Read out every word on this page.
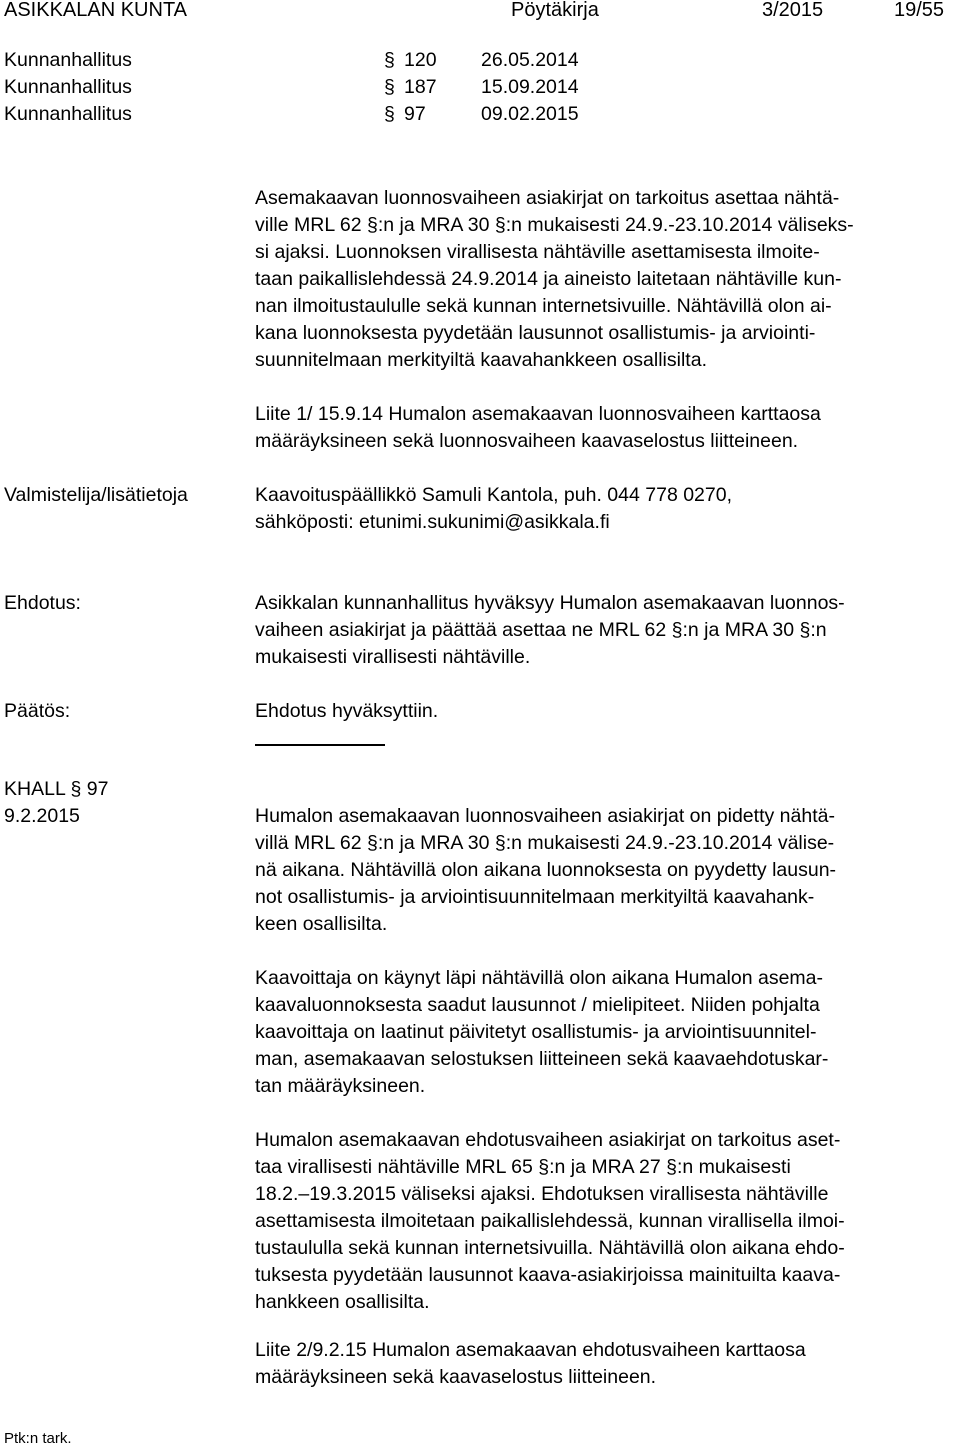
ASIKKALAN KUNTA	Pöytäkirja	3/2015	19/55
Kunnanhallitus	§ 120 26.05.2014
Kunnanhallitus	§ 187 15.09.2014
Kunnanhallitus	§ 97	09.02.2015
Asemakaavan luonnosvaiheen asiakirjat on tarkoitus asettaa nähtä-
ville MRL 62 §:n ja MRA 30 §:n mukaisesti 24.9.-23.10.2014 väliseks-
si ajaksi. Luonnoksen virallisesta nähtäville asettamisesta ilmoite-
taan paikallislehdessä 24.9.2014 ja aineisto laitetaan nähtäville kun-
nan ilmoitustaululle sekä kunnan internetsivuille. Nähtävillä olon ai-
kana luonnoksesta pyydetään lausunnot osallistumis- ja arviointi-
suunnitelmaan merkityiltä kaavahankkeen osallisilta.
Liite 1/ 15.9.14 Humalon asemakaavan luonnosvaiheen karttaosa
määräyksineen sekä luonnosvaiheen kaavaselostus liitteineen.
Valmistelija/lisätietoja	Kaavoituspäällikkö Samuli Kantola, puh. 044 778 0270,
sähköposti: etunimi.sukunimi@asikkala.fi
Ehdotus:	Asikkalan kunnanhallitus hyväksyy Humalon asemakaavan luonnos-
vaiheen asiakirjat ja päättää asettaa ne MRL 62 §:n ja MRA 30 §:n
mukaisesti virallisesti nähtäville.
Päätös:	Ehdotus hyväksyttiin.
KHALL § 97
9.2.2015	Humalon asemakaavan luonnosvaiheen asiakirjat on pidetty nähtä-
villä MRL 62 §:n ja MRA 30 §:n mukaisesti 24.9.-23.10.2014 välise-
nä aikana. Nähtävillä olon aikana luonnoksesta on pyydetty lausun-
not osallistumis- ja arviointisuunnitelmaan merkityiltä kaavahank-
keen osallisilta.
Kaavoittaja on käynyt läpi nähtävillä olon aikana Humalon asema-
kaavaluonnoksesta saadut lausunnot / mielipiteet. Niiden pohjalta
kaavoittaja on laatinut päivitetyt osallistumis- ja arviointisuunnitel-
man, asemakaavan selostuksen liitteineen sekä kaavaehdotuskar-
tan määräyksineen.
Humalon asemakaavan ehdotusvaiheen asiakirjat on tarkoitus aset-
taa virallisesti nähtäville MRL 65 §:n ja MRA 27 §:n mukaisesti
18.2.–19.3.2015 väliseksi ajaksi. Ehdotuksen virallisesta nähtäville
asettamisesta ilmoitetaan paikallislehdessä, kunnan virallisella ilmoi-
tustaululla sekä kunnan internetsivuilla. Nähtävillä olon aikana ehdo-
tuksesta pyydetään lausunnot kaava-asiakirjoissa mainituilta kaava-
hankkeen osallisilta.
Liite 2/9.2.15 Humalon asemakaavan ehdotusvaiheen karttaosa
määräyksineen sekä kaavaselostus liitteineen.
Ptk:n tark.
